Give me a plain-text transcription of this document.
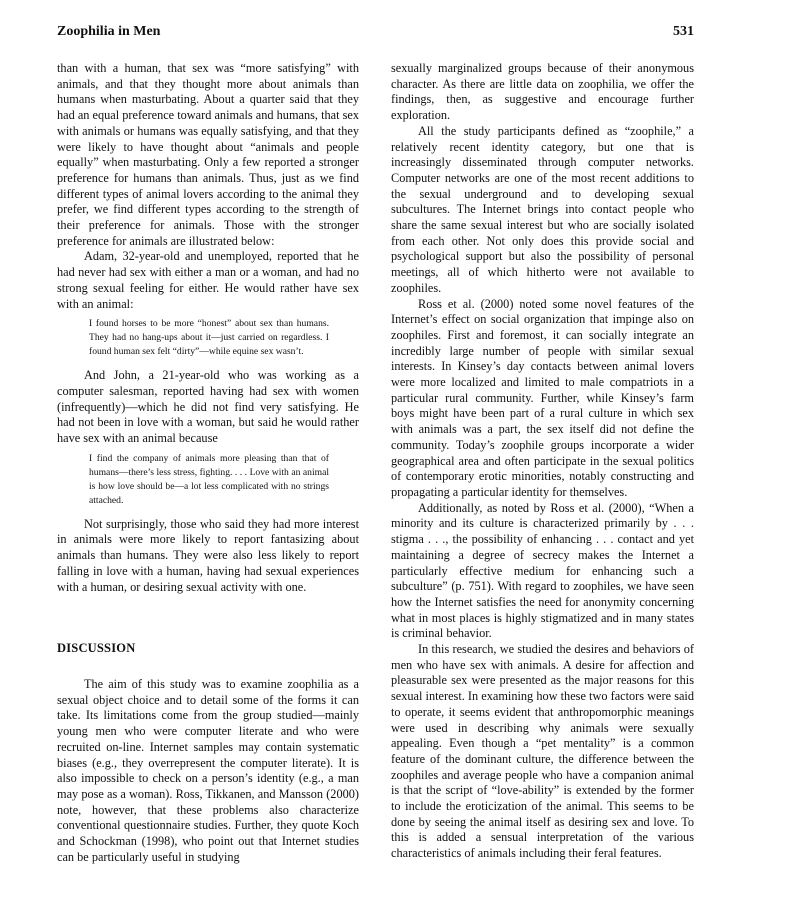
Zoophilia in Men	531

than with a human, that sex was “more satisfying” with animals, and that they thought more about animals than humans when masturbating. About a quarter said that they had an equal preference toward animals and humans, that sex with animals or humans was equally satisfying, and that they were likely to have thought about “animals and people equally” when masturbating. Only a few reported a stronger preference for humans than animals. Thus, just as we find different types of animal lovers according to the animal they prefer, we find different types according to the strength of their preference for animals. Those with the stronger preference for animals are illustrated below:

Adam, 32-year-old and unemployed, reported that he had never had sex with either a man or a woman, and had no strong sexual feeling for either. He would rather have sex with an animal:

I found horses to be more “honest” about sex than humans. They had no hang-ups about it—just carried on regardless. I found human sex felt “dirty”—while equine sex wasn’t.

And John, a 21-year-old who was working as a computer salesman, reported having had sex with women (infrequently)—which he did not find very satisfying. He had not been in love with a woman, but said he would rather have sex with an animal because

I find the company of animals more pleasing than that of humans—there’s less stress, fighting. . . . Love with an animal is how love should be—a lot less complicated with no strings attached.

Not surprisingly, those who said they had more interest in animals were more likely to report fantasizing about animals than humans. They were also less likely to report falling in love with a human, having had sexual experiences with a human, or desiring sexual activity with one.

DISCUSSION

The aim of this study was to examine zoophilia as a sexual object choice and to detail some of the forms it can take. Its limitations come from the group studied—mainly young men who were computer literate and who were recruited on-line. Internet samples may contain systematic biases (e.g., they overrepresent the computer literate). It is also impossible to check on a person’s identity (e.g., a man may pose as a woman). Ross, Tikkanen, and Mansson (2000) note, however, that these problems also characterize conventional questionnaire studies. Further, they quote Koch and Schockman (1998), who point out that Internet studies can be particularly useful in studying

sexually marginalized groups because of their anonymous character. As there are little data on zoophilia, we offer the findings, then, as suggestive and encourage further exploration.

All the study participants defined as “zoophile,” a relatively recent identity category, but one that is increasingly disseminated through computer networks. Computer networks are one of the most recent additions to the sexual underground and to developing sexual subcultures. The Internet brings into contact people who share the same sexual interest but who are socially isolated from each other. Not only does this provide social and psychological support but also the possibility of personal meetings, all of which hitherto were not available to zoophiles.

Ross et al. (2000) noted some novel features of the Internet’s effect on social organization that impinge also on zoophiles. First and foremost, it can socially integrate an incredibly large number of people with similar sexual interests. In Kinsey’s day contacts between animal lovers were more localized and limited to male compatriots in a particular rural community. Further, while Kinsey’s farm boys might have been part of a rural culture in which sex with animals was a part, the sex itself did not define the community. Today’s zoophile groups incorporate a wider geographical area and often participate in the sexual politics of contemporary erotic minorities, notably constructing and propagating a particular identity for themselves.

Additionally, as noted by Ross et al. (2000), “When a minority and its culture is characterized primarily by . . . stigma . . ., the possibility of enhancing . . . contact and yet maintaining a degree of secrecy makes the Internet a particularly effective medium for enhancing such a subculture” (p. 751). With regard to zoophiles, we have seen how the Internet satisfies the need for anonymity concerning what in most places is highly stigmatized and in many states is criminal behavior.

In this research, we studied the desires and behaviors of men who have sex with animals. A desire for affection and pleasurable sex were presented as the major reasons for this sexual interest. In examining how these two factors were said to operate, it seems evident that anthropomorphic meanings were used in describing why animals were sexually appealing. Even though a “pet mentality” is a common feature of the dominant culture, the difference between the zoophiles and average people who have a companion animal is that the script of “love-ability” is extended by the former to include the eroticization of the animal. This seems to be done by seeing the animal itself as desiring sex and love. To this is added a sensual interpretation of the various characteristics of animals including their feral features.
